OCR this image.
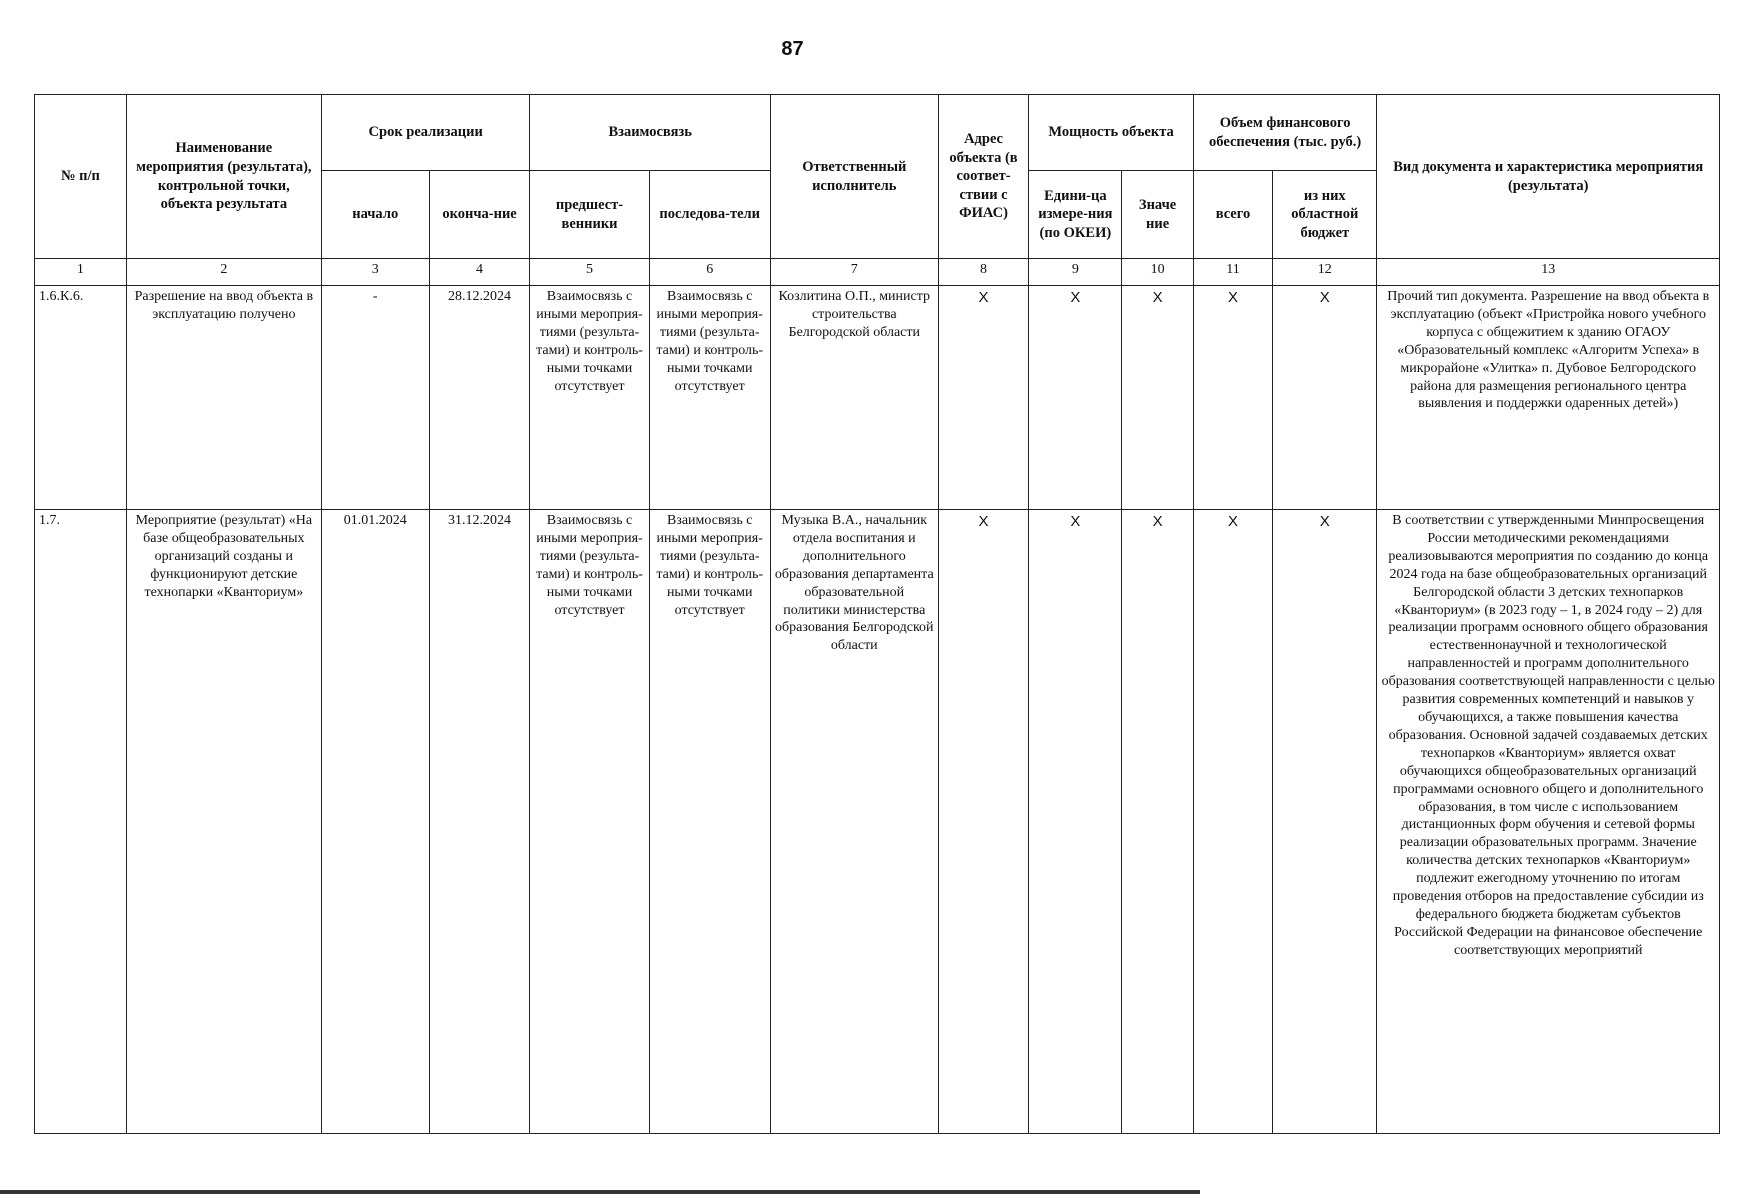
87
№ п/п	Наименование мероприятия (результата), контрольной точки, объекта результата	Срок реализации		Взаимосвязь		Ответственный исполнитель	Адрес объекта (в соответ-ствии с ФИАС)	Мощность объекта		Объем финансового обеспечения (тыс. руб.)		Вид документа и характеристика мероприятия (результата)
		начало	оконча-ние	предшест-венники	последова-тели			Едини-ца измере-ния (по ОКЕИ)	Значе ние	всего	из них областной бюджет	
1	2	3	4	5	6	7	8	9	10	11	12	13
1.6.К.6.	Разрешение на ввод объекта в эксплуатацию получено	-	28.12.2024	Взаимосвязь с иными мероприя-тиями (результа-тами) и контроль-ными точками отсутствует	Взаимосвязь с иными мероприя-тиями (результа-тами) и контроль-ными точками отсутствует	Козлитина О.П., министр строительства Белгородской области	Х	Х	Х	Х	Х	Прочий тип документа. Разрешение на ввод объекта в эксплуатацию (объект «Пристройка нового учебного корпуса с общежитием к зданию ОГАОУ «Образовательный комплекс «Алгоритм Успеха» в микрорайоне «Улитка» п. Дубовое Белгородского района для размещения регионального центра выявления и поддержки одаренных детей»)
1.7.	Мероприятие (результат) «На базе общеобразовательных организаций созданы и функционируют детские технопарки «Кванториум»	01.01.2024	31.12.2024	Взаимосвязь с иными мероприя-тиями (результа-тами) и контроль-ными точками отсутствует	Взаимосвязь с иными мероприя-тиями (результа-тами) и контроль-ными точками отсутствует	Музыка В.А., начальник отдела воспитания и дополнительного образования департамента образовательной политики министерства образования Белгородской области	Х	Х	Х	Х	Х	В соответствии с утвержденными Минпросвещения России методическими рекомендациями реализовываются мероприятия по созданию до конца 2024 года на базе общеобразовательных организаций Белгородской области 3 детских технопарков «Кванториум» (в 2023 году – 1, в 2024 году – 2) для реализации программ основного общего образования естественнонаучной и технологической направленностей и программ дополнительного образования соответствующей направленности с целью развития современных компетенций и навыков у обучающихся, а также повышения качества образования. Основной задачей создаваемых детских технопарков «Кванториум» является охват обучающихся общеобразовательных организаций программами основного общего и дополнительного образования, в том числе с использованием дистанционных форм обучения и сетевой формы реализации образовательных программ. Значение количества детских технопарков «Кванториум» подлежит ежегодному уточнению по итогам проведения отборов на предоставление субсидии из федерального бюджета бюджетам субъектов Российской Федерации на финансовое обеспечение соответствующих мероприятий
